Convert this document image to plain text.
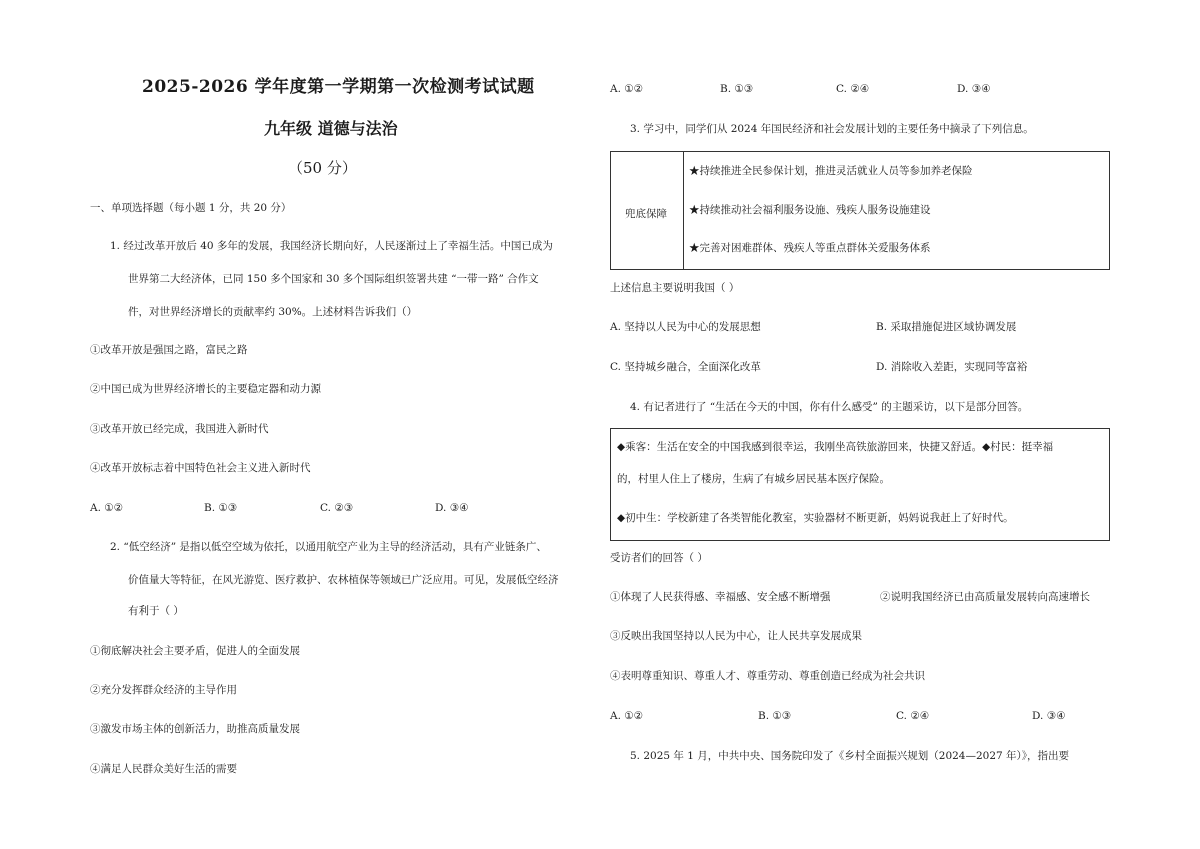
2025-2026 学年度第一学期第一次检测考试试题
九年级 道德与法治
（50 分）
一、单项选择题（每小题 1 分，共 20 分）
1. 经过改革开放后 40 多年的发展，我国经济长期向好，人民逐渐过上了幸福生活。中国已成为
世界第二大经济体，已同 150 多个国家和 30 多个国际组织签署共建 “一带一路” 合作文
件，对世界经济增长的贡献率约 30%。上述材料告诉我们（）
①改革开放是强国之路，富民之路
②中国已成为世界经济增长的主要稳定器和动力源
③改革开放已经完成，我国进入新时代
④改革开放标志着中国特色社会主义进入新时代
A. ①②	B. ①③	C. ②③	D. ③④
2. “低空经济” 是指以低空空域为依托，以通用航空产业为主导的经济活动，具有产业链条广、
价值量大等特征，在风光游览、医疗救护、农林植保等领域已广泛应用。可见，发展低空经济
有利于（ ）
①彻底解决社会主要矛盾，促进人的全面发展
②充分发挥群众经济的主导作用
③激发市场主体的创新活力，助推高质量发展
④满足人民群众美好生活的需要
A. ①②	B. ①③	C. ②④	D. ③④
3. 学习中，同学们从 2024 年国民经济和社会发展计划的主要任务中摘录了下列信息。
兜底保障
★持续推进全民参保计划，推进灵活就业人员等参加养老保险
★持续推动社会福利服务设施、残疾人服务设施建设
★完善对困难群体、残疾人等重点群体关爱服务体系
上述信息主要说明我国（ ）
A. 坚持以人民为中心的发展思想	B. 采取措施促进区域协调发展
C. 坚持城乡融合，全面深化改革	D. 消除收入差距，实现同等富裕
4. 有记者进行了 “生活在今天的中国，你有什么感受” 的主题采访，以下是部分回答。
◆乘客：生活在安全的中国我感到很幸运，我刚坐高铁旅游回来，快捷又舒适。◆村民：挺幸福
的，村里人住上了楼房，生病了有城乡居民基本医疗保险。
◆初中生：学校新建了各类智能化教室，实验器材不断更新，妈妈说我赶上了好时代。
受访者们的回答（ ）
①体现了人民获得感、幸福感、安全感不断增强	②说明我国经济已由高质量发展转向高速增长
③反映出我国坚持以人民为中心，让人民共享发展成果
④表明尊重知识、尊重人才、尊重劳动、尊重创造已经成为社会共识
A. ①②	B. ①③	C. ②④	D. ③④
5. 2025 年 1 月，中共中央、国务院印发了《乡村全面振兴规划（2024—2027 年）》，指出要
